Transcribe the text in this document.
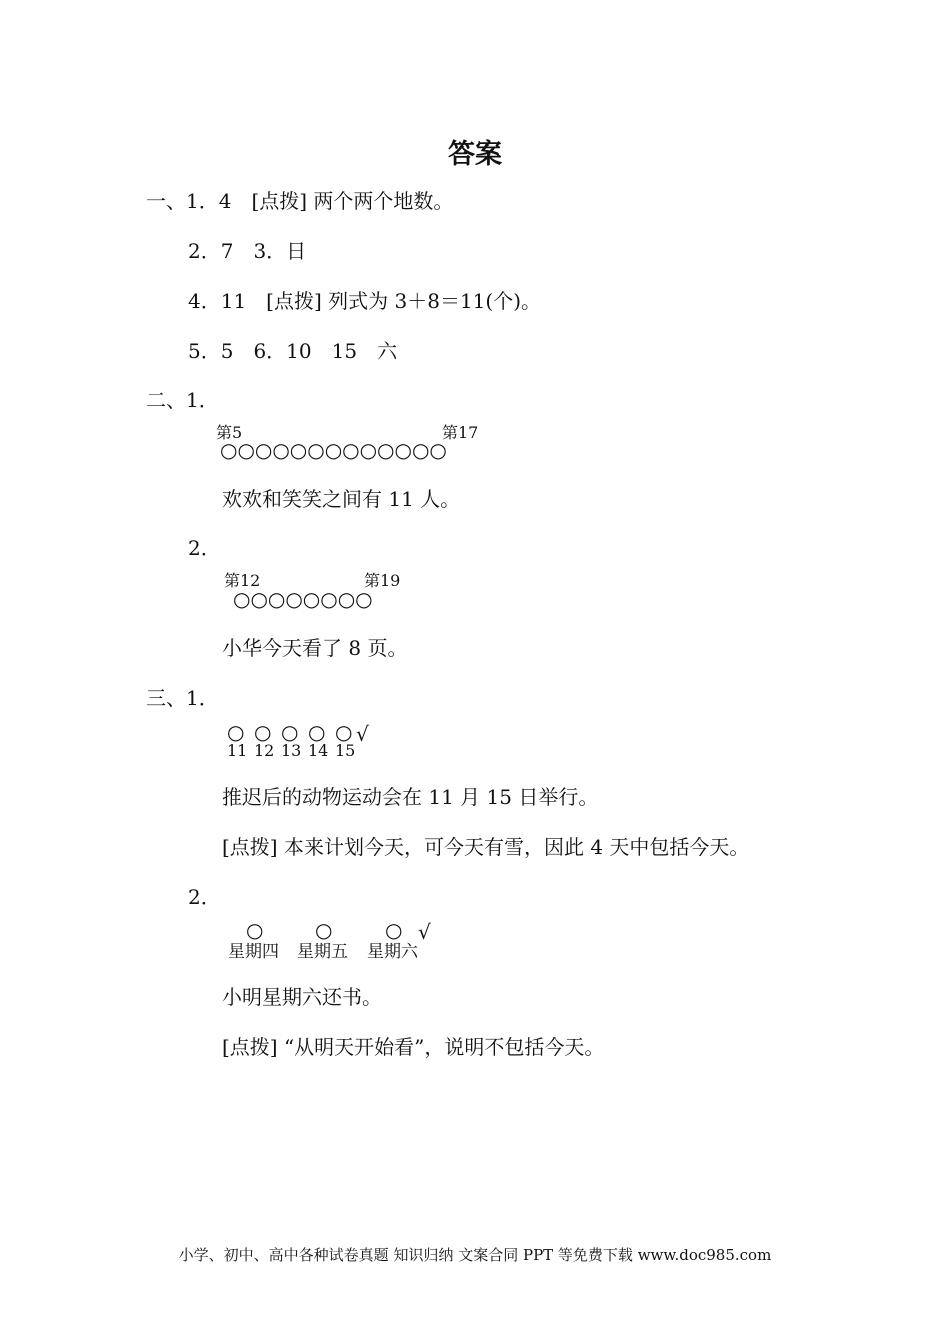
答案
一、1．4　[点拨] 两个两个地数。
2．7　3．日
4．11　[点拨] 列式为 3＋8＝11(个)。
5．5　6．10　15　六
二、1．
第5	第17
○○○○○○○○○○○○○
欢欢和笑笑之间有 11 人。
2．
第12	第19
○○○○○○○○
小华今天看了 8 页。
三、1．
○ ○ ○ ○ ○ √
11 12 13 14 15
推迟后的动物运动会在 11 月 15 日举行。
[点拨] 本来计划今天，可今天有雪，因此 4 天中包括今天。
2．
○	○	○ √
星期四 星期五 星期六
小明星期六还书。
[点拨] “从明天开始看”，说明不包括今天。
小学、初中、高中各种试卷真题 知识归纳 文案合同 PPT 等免费下载 www.doc985.com
